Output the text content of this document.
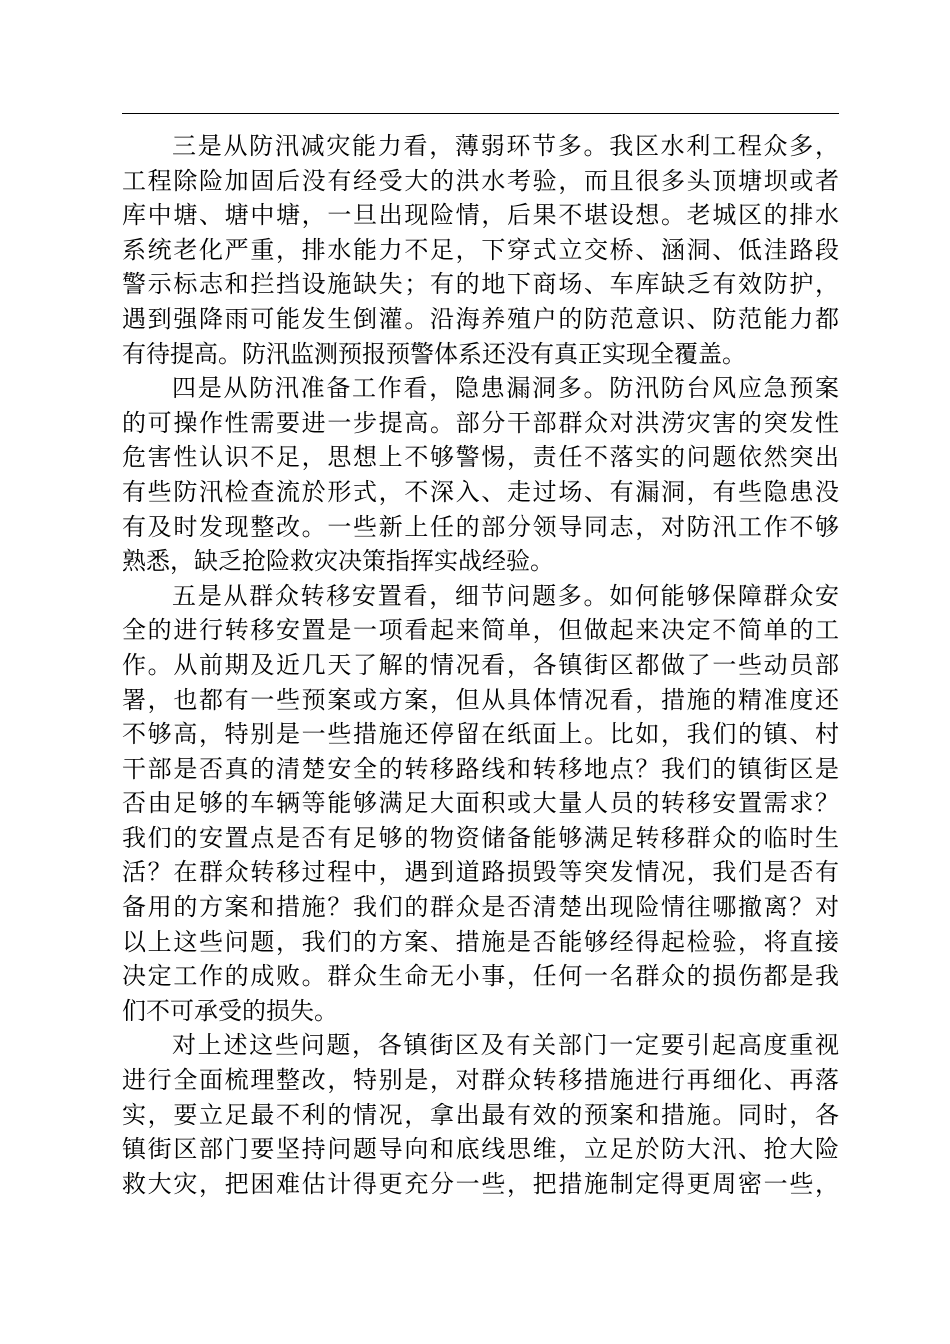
三是从防汛减灾能力看，薄弱环节多。我区水利工程众多，
工程除险加固后没有经受大的洪水考验，而且很多头顶塘坝或者
库中塘、塘中塘，一旦出现险情，后果不堪设想。老城区的排水
系统老化严重，排水能力不足，下穿式立交桥、涵洞、低洼路段
警示标志和拦挡设施缺失；有的地下商场、车库缺乏有效防护，
遇到强降雨可能发生倒灌。沿海养殖户的防范意识、防范能力都
有待提高。防汛监测预报预警体系还没有真正实现全覆盖。
四是从防汛准备工作看，隐患漏洞多。防汛防台风应急预案
的可操作性需要进一步提高。部分干部群众对洪涝灾害的突发性
危害性认识不足，思想上不够警惕，责任不落实的问题依然突出
有些防汛检查流於形式，不深入、走过场、有漏洞，有些隐患没
有及时发现整改。一些新上任的部分领导同志，对防汛工作不够
熟悉，缺乏抢险救灾决策指挥实战经验。
五是从群众转移安置看，细节问题多。如何能够保障群众安
全的进行转移安置是一项看起来简单，但做起来决定不简单的工
作。从前期及近几天了解的情况看，各镇街区都做了一些动员部
署，也都有一些预案或方案，但从具体情况看，措施的精准度还
不够高，特别是一些措施还停留在纸面上。比如，我们的镇、村
干部是否真的清楚安全的转移路线和转移地点？我们的镇街区是
否由足够的车辆等能够满足大面积或大量人员的转移安置需求？
我们的安置点是否有足够的物资储备能够满足转移群众的临时生
活？在群众转移过程中，遇到道路损毁等突发情况，我们是否有
备用的方案和措施？我们的群众是否清楚出现险情往哪撤离？对
以上这些问题，我们的方案、措施是否能够经得起检验，将直接
决定工作的成败。群众生命无小事，任何一名群众的损伤都是我
们不可承受的损失。
对上述这些问题，各镇街区及有关部门一定要引起高度重视
进行全面梳理整改，特别是，对群众转移措施进行再细化、再落
实，要立足最不利的情况，拿出最有效的预案和措施。同时，各
镇街区部门要坚持问题导向和底线思维，立足於防大汛、抢大险
救大灾，把困难估计得更充分一些，把措施制定得更周密一些，
